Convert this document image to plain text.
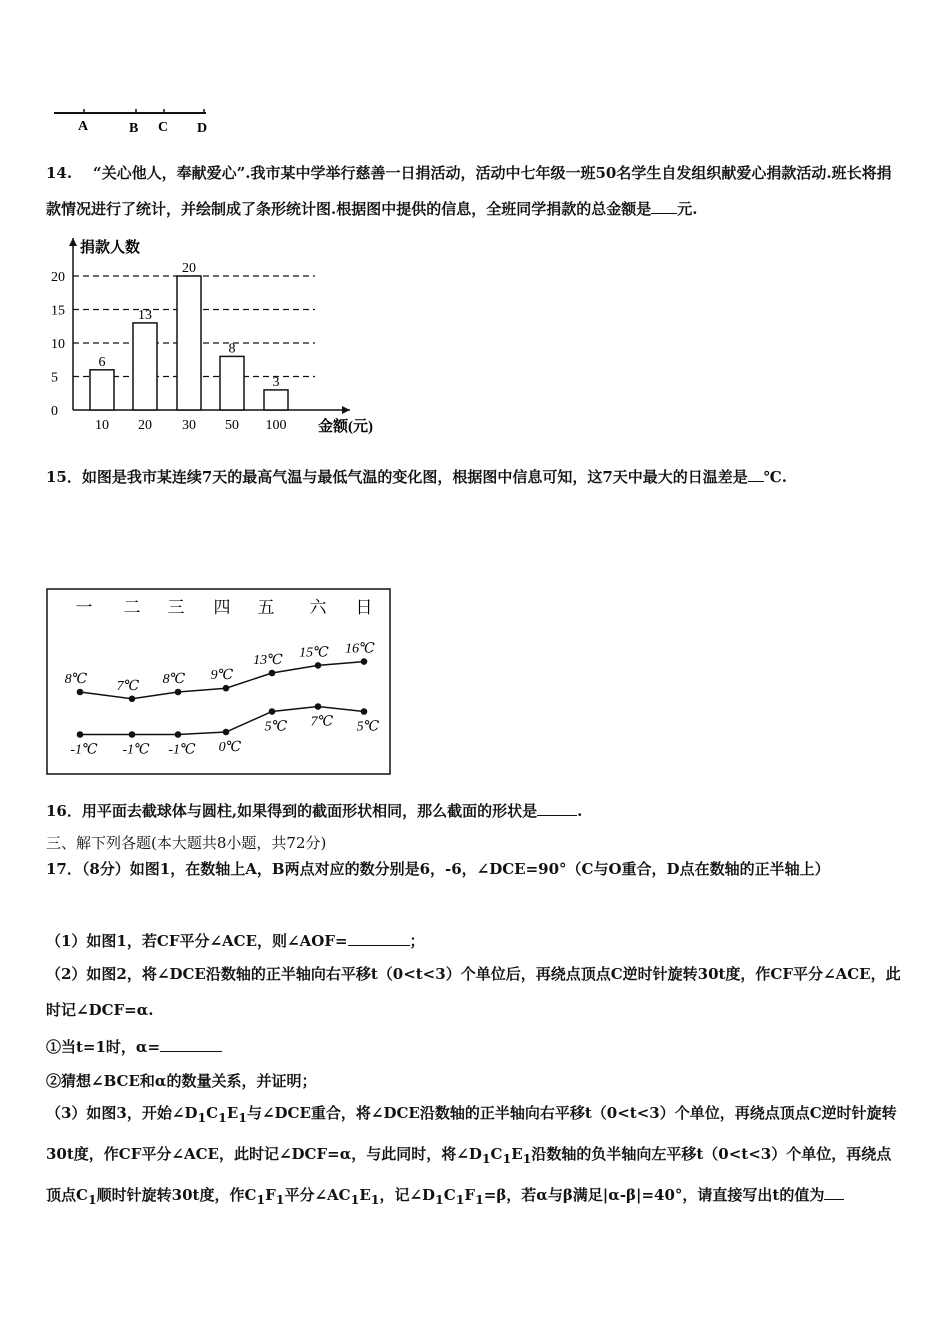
A	B C D
14. “关心他人，奉献爱心”.我市某中学举行慈善一日捐活动，活动中七年级一班50名学生自发组织献爱心捐款活动.班长将捐款情况进行了统计，并绘制成了条形统计图.根据图中提供的信息，全班同学捐款的总金额是 元.
0
5
10
15
20
6
10
13
20
20
30
8
50
3
100
捐款人数
金额(元)
15．如图是我市某连续7天的最高气温与最低气温的变化图，根据图中信息可知，这7天中最大的日温差是 ℃.
一 二 三 四 五 六 日
8℃ 7℃ 8℃ 9℃
13℃
15℃ 16℃
-1℃ -1℃ -1℃ 0℃
5℃ 7℃ 5℃
16．用平面去截球体与圆柱,如果得到的截面形状相同，那么截面的形状是	.
三、解下列各题(本大题共8小题，共72分)
17．（8分）如图1，在数轴上A，B两点对应的数分别是6，-6，∠DCE=90°（C与O重合，D点在数轴的正半轴上）
（1）如图1，若CF平分∠ACE，则∠AOF=	；
（2）如图2，将∠DCE沿数轴的正半轴向右平移t（0<t<3）个单位后，再绕点顶点C逆时针旋转30t度，作CF平分∠ACE，此时记∠DCF=α.
①当t=1时，α=
②猜想∠BCE和α的数量关系，并证明；
（3）如图3，开始$\angle D_1C_1E_1$与∠DCE重合，将∠DCE沿数轴的正半轴向右平移t（0<t<3）个单位，再绕点顶点C逆时针旋转30t度，作CF平分∠ACE，此时记∠DCF=α，与此同时，将$\angle D_1C_1E_1$沿数轴的负半轴向左平移t（0<t<3）个单位，再绕点顶点$C_1$顺时针旋转30t度，作$C_1F_1$平分$\angle AC_1E_1$，记$\angle D_1C_1F_1=\beta$，若α与β满足|α-β|=40°，请直接写出t的值为
